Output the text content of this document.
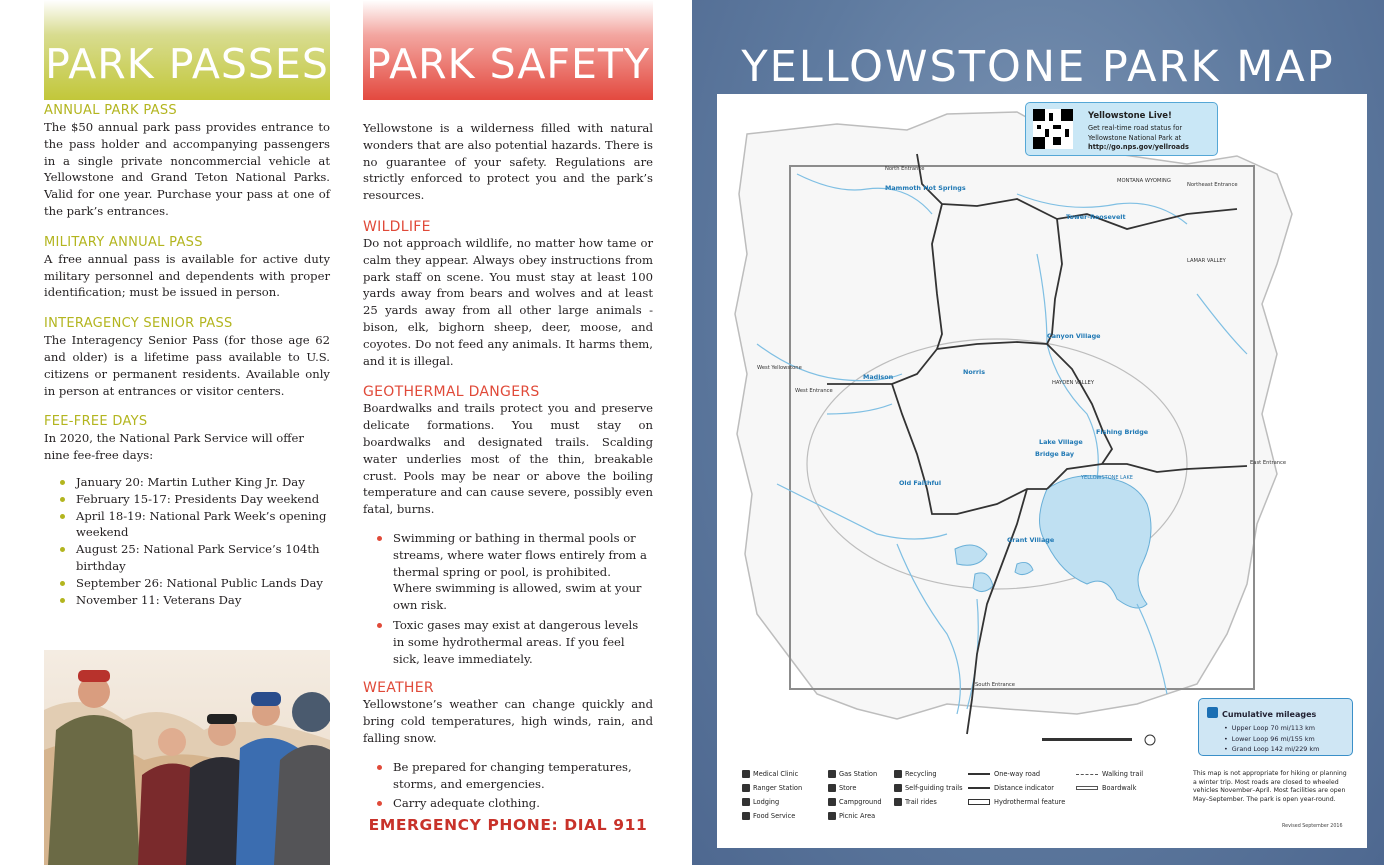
PARK PASSES
ANNUAL PARK PASS

The $50 annual park pass provides entrance to the pass holder and accompanying passengers in a single private noncommercial vehicle at Yellowstone and Grand Teton National Parks. Valid for one year. Purchase your pass at one of the park’s entrances.

MILITARY ANNUAL PASS

A free annual pass is available for active duty military personnel and dependents with proper identification; must be issued in person.

INTERAGENCY SENIOR PASS

The Interagency Senior Pass (for those age 62 and older) is a lifetime pass available to U.S. citizens or permanent residents. Available only in person at entrances or visitor centers.

FEE-FREE DAYS

In 2020, the National Park Service will offer nine fee-free days:

January 20: Martin Luther King Jr. Day
February 15-17: Presidents Day weekend
April 18-19: National Park Week’s opening weekend
August 25: National Park Service’s 104th birthday
September 26: National Public Lands Day
November 11: Veterans Day
PARK SAFETY

Yellowstone is a wilderness filled with natural wonders that are also potential hazards. There is no guarantee of your safety. Regulations are strictly enforced to protect you and the park’s resources.

WILDLIFE

Do not approach wildlife, no matter how tame or calm they appear. Always obey instructions from park staff on scene. You must stay at least 100 yards away from bears and wolves and at least 25 yards away from all other large animals - bison, elk, bighorn sheep, deer, moose, and coyotes. Do not feed any animals. It harms them, and it is illegal.

GEOTHERMAL DANGERS

Boardwalks and trails protect you and preserve delicate formations. You must stay on boardwalks and designated trails. Scalding water underlies most of the thin, breakable crust. Pools may be near or above the boiling temperature and can cause severe, possibly even fatal, burns.

Swimming or bathing in thermal pools or streams, where water flows entirely from a thermal spring or pool, is prohibited. Where swimming is allowed, swim at your own risk.
Toxic gases may exist at dangerous levels in some hydrothermal areas. If you feel sick, leave immediately.
WEATHER

Yellowstone’s weather can change quickly and bring cold temperatures, high winds, rain, and falling snow.

Be prepared for changing temperatures, storms, and emergencies.
Carry adequate clothing.
EMERGENCY PHONE: DIAL 911
YELLOWSTONE PARK MAP
Mammoth Hot Springs
Tower-Roosevelt
Canyon Village
Norris
Madison
Old Faithful
Grant Village
Lake Village
Fishing Bridge
Bridge Bay
North Entrance
Northeast Entrance
East Entrance
South Entrance
West Entrance
West Yellowstone
MONTANA WYOMING
LAMAR VALLEY
HAYDEN VALLEY
YELLOWSTONE LAKE
Yellowstone Live!
Get real-time road status for Yellowstone National Park at http://go.nps.gov/yellroads
Cumulative mileages
• Upper Loop 70 mi/113 km
• Lower Loop 96 mi/155 km
• Grand Loop 142 mi/229 km
Medical Clinic
Ranger Station
Lodging
Food Service
Gas Station
Store
Campground
Picnic Area
Recycling
Self-guiding trails
Trail rides
One-way road
Distance indicator
Hydrothermal feature
Walking trail
Boardwalk
This map is not appropriate for hiking or planning a winter trip. Most roads are closed to wheeled vehicles November–April. Most facilities are open May–September. The park is open year-round.
Revised September 2016
